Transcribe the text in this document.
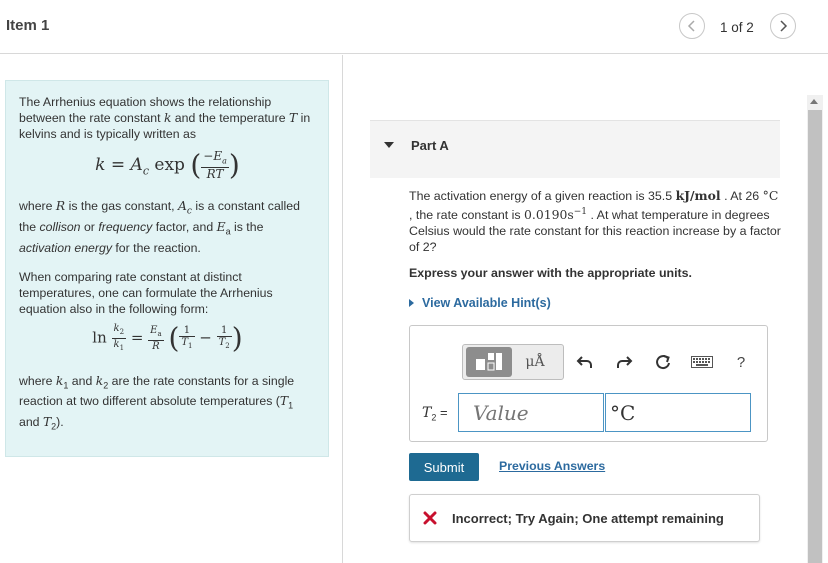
Item 1	1 of 2

The Arrhenius equation shows the relationship between the rate constant k and the temperature T in kelvins and is typically written as

$k = A_c$ exp ( $\frac{-E_a}{RT}$ )

where R is the gas constant, $A_c$ is a constant called the collison or frequency factor, and $E_a$ is the activation energy for the reaction.

When comparing rate constant at distinct temperatures, one can formulate the Arrhenius equation also in the following form:

$\ln \frac{k_2}{k_1} = \frac{E_a}{R}$ ( $\frac{1}{T_1} - \frac{1}{T_2}$ )

where $k_1$ and $k_2$ are the rate constants for a single reaction at two different absolute temperatures ($T_1$ and $T_2$).

Part A
The activation energy of a given reaction is 35.5 kJ/mol . At 26 °C , the rate constant is $0.0190s^{-1}$ . At what temperature in degrees Celsius would the rate constant for this reaction increase by a factor of 2?
Express your answer with the appropriate units.
View Available Hint(s)
μÅ	?
$T_2$ =
Value
°C
Submit	Previous Answers
Incorrect; Try Again; One attempt remaining
